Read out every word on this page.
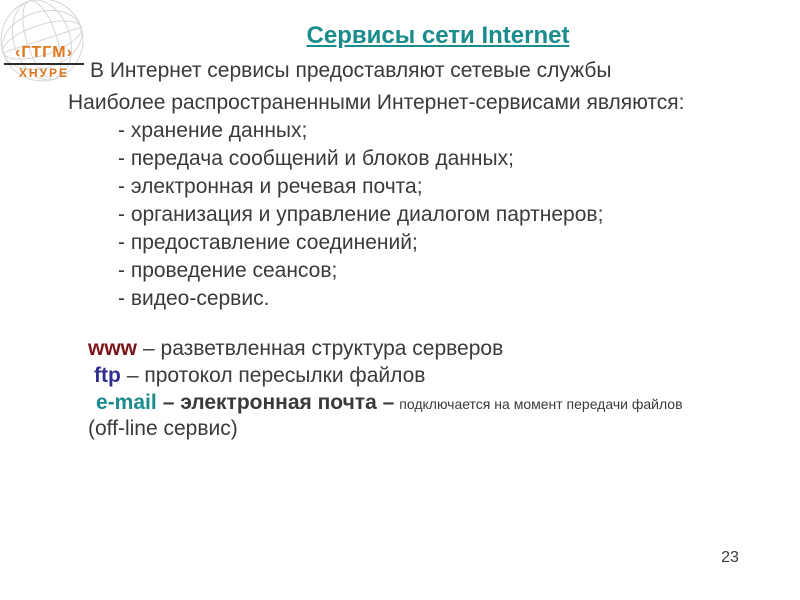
‹ГТГМ›
ХНУРЕ
Сервисы сети Internet
В Интернет сервисы предоставляют сетевые службы
Наиболее распространенными Интернет-сервисами являются:
- хранение данных;
- передача сообщений и блоков данных;
- электронная и речевая почта;
- организация и управление диалогом партнеров;
- предоставление соединений;
- проведение сеансов;
- видео-сервис.
www – разветвленная структура серверов
ftp – протокол пересылки файлов
e-mail – электронная почта – подключается на момент передачи файлов
(off-line сервис)
23
